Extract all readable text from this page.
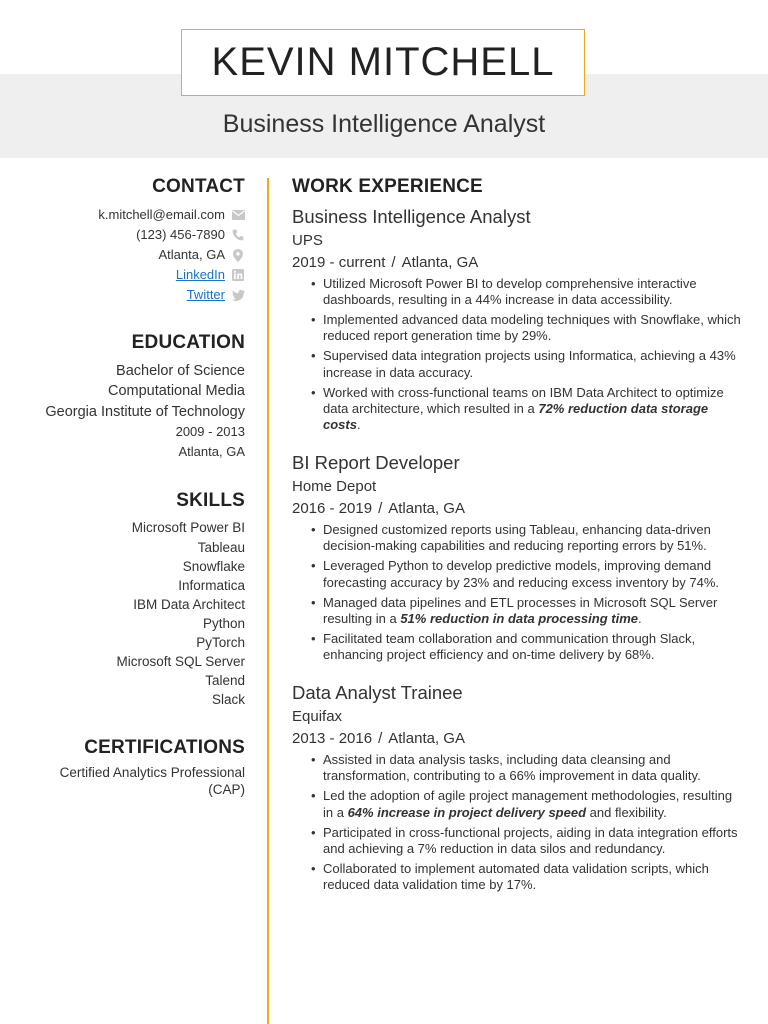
KEVIN MITCHELL
Business Intelligence Analyst
CONTACT
k.mitchell@email.com
(123) 456-7890
Atlanta, GA
LinkedIn
Twitter
EDUCATION
Bachelor of Science
Computational Media
Georgia Institute of Technology
2009 - 2013
Atlanta, GA
SKILLS
Microsoft Power BI
Tableau
Snowflake
Informatica
IBM Data Architect
Python
PyTorch
Microsoft SQL Server
Talend
Slack
CERTIFICATIONS
Certified Analytics Professional (CAP)
WORK EXPERIENCE
Business Intelligence Analyst
UPS
2019 - current / Atlanta, GA
• Utilized Microsoft Power BI to develop comprehensive interactive dashboards, resulting in a 44% increase in data accessibility.
• Implemented advanced data modeling techniques with Snowflake, which reduced report generation time by 29%.
• Supervised data integration projects using Informatica, achieving a 43% increase in data accuracy.
• Worked with cross-functional teams on IBM Data Architect to optimize data architecture, which resulted in a 72% reduction data storage costs.
BI Report Developer
Home Depot
2016 - 2019 / Atlanta, GA
• Designed customized reports using Tableau, enhancing data-driven decision-making capabilities and reducing reporting errors by 51%.
• Leveraged Python to develop predictive models, improving demand forecasting accuracy by 23% and reducing excess inventory by 74%.
• Managed data pipelines and ETL processes in Microsoft SQL Server resulting in a 51% reduction in data processing time.
• Facilitated team collaboration and communication through Slack, enhancing project efficiency and on-time delivery by 68%.
Data Analyst Trainee
Equifax
2013 - 2016 / Atlanta, GA
• Assisted in data analysis tasks, including data cleansing and transformation, contributing to a 66% improvement in data quality.
• Led the adoption of agile project management methodologies, resulting in a 64% increase in project delivery speed and flexibility.
• Participated in cross-functional projects, aiding in data integration efforts and achieving a 7% reduction in data silos and redundancy.
• Collaborated to implement automated data validation scripts, which reduced data validation time by 17%.
